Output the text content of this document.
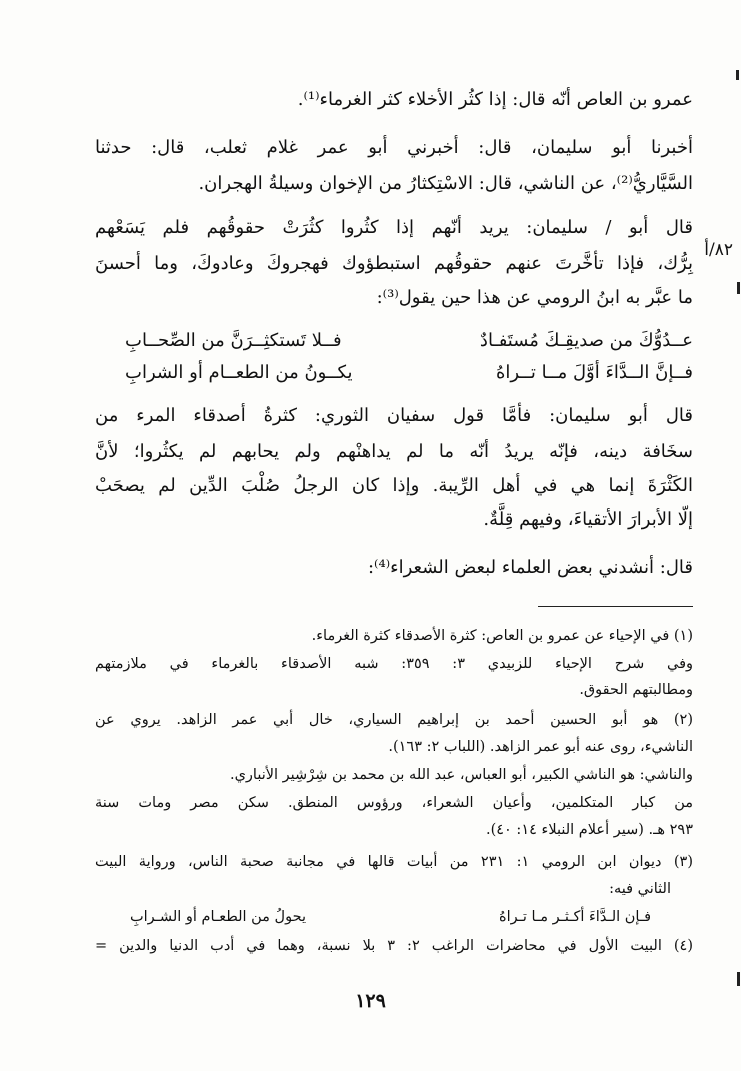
عمرو بن العاص أنّه قال: إذا كثُر الأخلاء كثر الغرماء⁽¹⁾.
أخبرنا أبو سليمان، قال: أخبرني أبو عمر غلام ثعلب، قال: حدثنا
السَّيَّاريُّ⁽²⁾، عن الناشي، قال: الاسْتِكثارُ من الإخوان وسيلةُ الهجران.
٨٢/أ
قال أبو / سليمان: يريد أنّهم إذا كثُروا كثُرَتْ حقوقُهم فلم يَسَعْهم
بِرُّك، فإذا تأخَّرتَ عنهم حقوقُهم استبطؤوك فهجروكَ وعادوكَ، وما أحسنَ
ما عبَّر به ابنُ الرومي عن هذا حين يقول⁽³⁾:
عــدُوُّكَ من صديقِـكَ مُستَفـادٌ
فــلا تَستكثِــرَنَّ من الصِّحــابِ
فــإنَّ الــدَّاءَ أوَّلَ مــا تــراهُ
يكــونُ من الطعــام أو الشرابِ
قال أبو سليمان: فأمَّا قول سفيان الثوري: كثرةُ أصدقاء المرء من
سخَافة دينه، فإنّه يريدُ أنّه ما لم يداهنْهم ولم يحابهم لم يكثُروا؛ لأنَّ
الكَثْرَةَ إنما هي في أهل الرِّيبة. وإذا كان الرجلُ صُلْبَ الدِّين لم يصحَبْ
إلّا الأبرارَ الأتقياءَ، وفيهم قِلَّةٌ.
قال: أنشدني بعض العلماء لبعض الشعراء⁽⁴⁾:
(١) في الإحياء عن عمرو بن العاص: كثرة الأصدقاء كثرة الغرماء.
وفي شرح الإحياء للزبيدي ٣: ٣٥٩: شبه الأصدقاء بالغرماء في ملازمتهم
ومطالبتهم الحقوق.
(٢) هو أبو الحسين أحمد بن إبراهيم السياري، خال أبي عمر الزاهد. يروي عن
الناشيء، روى عنه أبو عمر الزاهد. (اللباب ٢: ١٦٣).
والناشي: هو الناشي الكبير، أبو العباس، عبد الله بن محمد بن شِرْشِير الأنباري.
من كبار المتكلمين، وأعيان الشعراء، ورؤوس المنطق. سكن مصر ومات سنة
٢٩٣ هـ. (سير أعلام النبلاء ١٤: ٤٠).
(٣) ديوان ابن الرومي ١: ٢٣١ من أبيات قالها في مجانبة صحبة الناس، ورواية البيت
الثاني فيه:
فـإن الـدَّاءَ أكـثـر مـا تـراهُ
يحولُ من الطعـام أو الشـرابِ
(٤) البيت الأول في محاضرات الراغب ٢: ٣ بلا نسبة، وهما في أدب الدنيا والدين =
١٢٩
